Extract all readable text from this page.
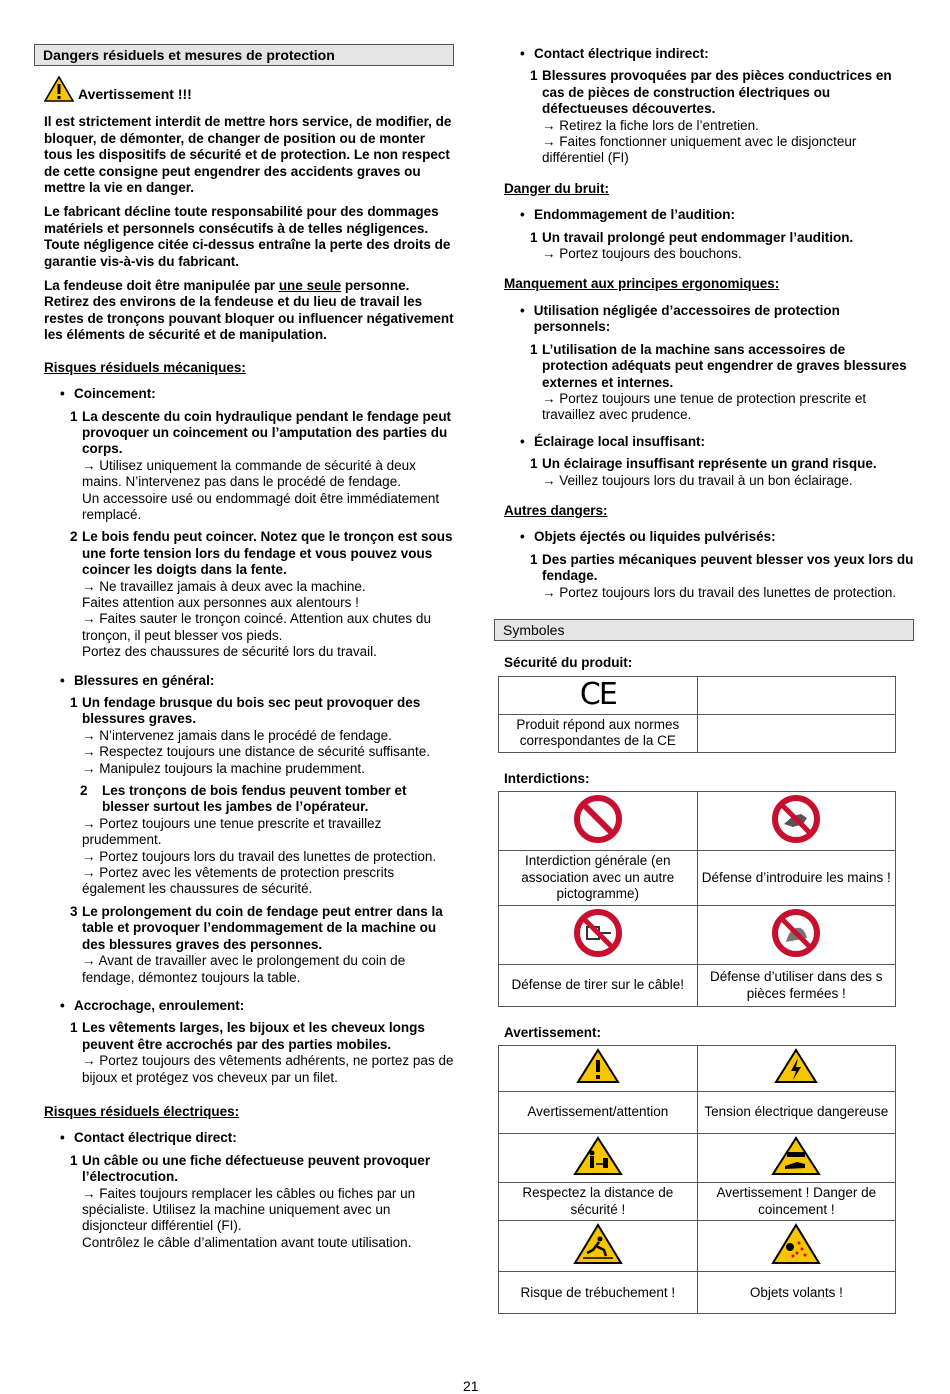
Dangers résiduels et mesures de protection
Avertissement !!!

Il est strictement interdit de mettre hors service, de modifier, de bloquer, de démonter, de changer de position ou de monter tous les dispositifs de sécurité et de protection. Le non respect de cette consigne peut engendrer des accidents graves ou mettre la vie en danger.

Le fabricant décline toute responsabilité pour des dommages matériels et personnels consécutifs à de telles négligences.

Toute négligence citée ci-dessus entraîne la perte des droits de garantie vis-à-vis du fabricant.

La fendeuse doit être manipulée par une seule personne. Retirez des environs de la fendeuse et du lieu de travail les restes de tronçons pouvant bloquer ou influencer négativement les éléments de sécurité et de manipulation.

Risques résiduels mécaniques:
• Coincement:
1 La descente du coin hydraulique pendant le fendage peut provoquer un coincement ou l’amputation des parties du corps.
→ Utilisez uniquement la commande de sécurité à deux mains. N’intervenez pas dans le procédé de fendage.
Un accessoire usé ou endommagé doit être immédiatement remplacé.
2 Le bois fendu peut coincer. Notez que le tronçon est sous une forte tension lors du fendage et vous pouvez vous coincer les doigts dans la fente.
→ Ne travaillez jamais à deux avec la machine.
Faites attention aux personnes aux alentours !
→ Faites sauter le tronçon coincé. Attention aux chutes du tronçon, il peut blesser vos pieds.
Portez des chaussures de sécurité lors du travail.
• Blessures en général:
1 Un fendage brusque du bois sec peut provoquer des blessures graves.
→ N’intervenez jamais dans le procédé de fendage.
→ Respectez toujours une distance de sécurité suffisante.
→ Manipulez toujours la machine prudemment.
2	Les tronçons de bois fendus peuvent tomber et blesser surtout les jambes de l’opérateur.
→ Portez toujours une tenue prescrite et travaillez prudemment.
→ Portez toujours lors du travail des lunettes de protection.
→ Portez avec les vêtements de protection prescrits également les chaussures de sécurité.
3 Le prolongement du coin de fendage peut entrer dans la table et provoquer l’endommagement de la machine ou des blessures graves des personnes.
→ Avant de travailler avec le prolongement du coin de fendage, démontez toujours la table.
• Accrochage, enroulement:
1 Les vêtements larges, les bijoux et les cheveux longs peuvent être accrochés par des parties mobiles.
→ Portez toujours des vêtements adhérents, ne portez pas de bijoux et protégez vos cheveux par un filet.
Risques résiduels électriques:
• Contact électrique direct:
1 Un câble ou une fiche défectueuse peuvent provoquer l’électrocution.
→ Faites toujours remplacer les câbles ou fiches par un spécialiste. Utilisez la machine uniquement avec un disjoncteur différentiel (FI).
Contrôlez le câble d’alimentation avant toute utilisation.
• Contact électrique indirect:
1 Blessures provoquées par des pièces conductrices en cas de pièces de construction électriques ou défectueuses découvertes.
→ Retirez la fiche lors de l’entretien.
→ Faites fonctionner uniquement avec le disjoncteur différentiel (FI)
Danger du bruit:
• Endommagement de l’audition:
1 Un travail prolongé peut endommager l’audition.
→ Portez toujours des bouchons.
Manquement aux principes ergonomiques:
• Utilisation négligée d’accessoires de protection personnels:
1 L’utilisation de la machine sans accessoires de protection adéquats peut engendrer de graves blessures externes et internes.
→ Portez toujours une tenue de protection prescrite et travaillez avec prudence.
• Éclairage local insuffisant:
1 Un éclairage insuffisant représente un grand risque.
→ Veillez toujours lors du travail à un bon éclairage.
Autres dangers:
• Objets éjectés ou liquides pulvérisés:
1 Des parties mécaniques peuvent blesser vos yeux lors du fendage.
→ Portez toujours lors du travail des lunettes de protection.
Symboles
Sécurité du produit:
CE	
Produit répond aux normes correspondantes de la CE	
Interdictions:

Interdiction générale (en association avec un autre pictogramme)	Défense d’introduire les mains !

Défense de tirer sur le câble!	Défense d’utiliser dans des s pièces fermées !
Avertissement:

Avertissement/attention	Tension électrique dangereuse

Respectez la distance de sécurité !	Avertissement ! Danger de coincement !

Risque de trébuchement !	Objets volants !
21
